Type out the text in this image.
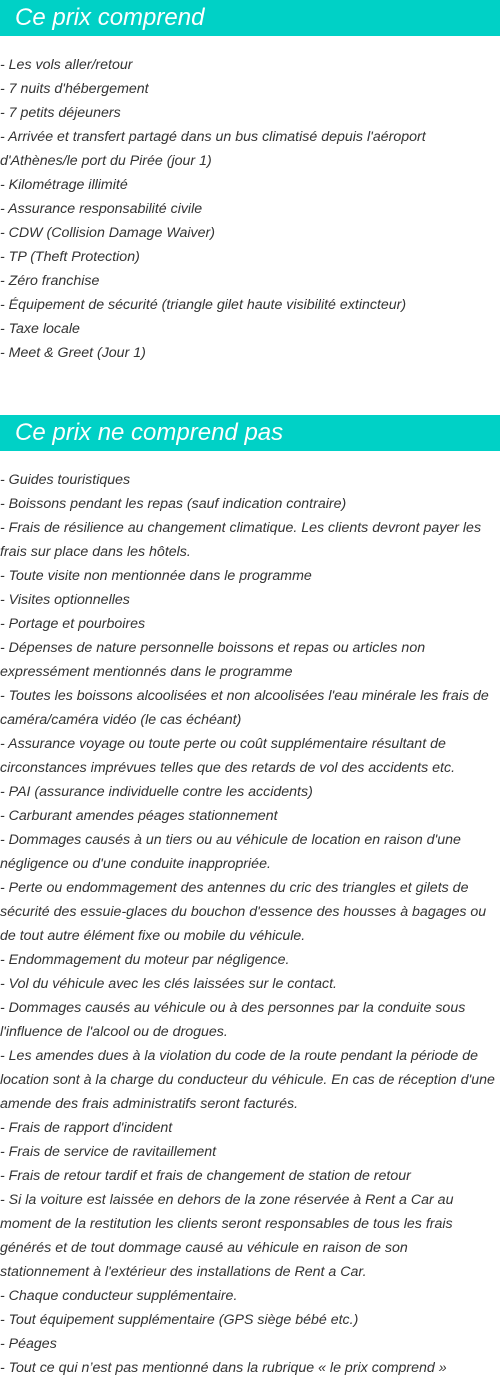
Ce prix comprend
- Les vols aller/retour
- 7 nuits d'hébergement
- 7 petits déjeuners
- Arrivée et transfert partagé dans un bus climatisé depuis l'aéroport d'Athènes/le port du Pirée (jour 1)
- Kilométrage illimité
- Assurance responsabilité civile
- CDW (Collision Damage Waiver)
- TP (Theft Protection)
- Zéro franchise
- Équipement de sécurité (triangle gilet haute visibilité extincteur)
- Taxe locale
- Meet & Greet (Jour 1)
Ce prix ne comprend pas
- Guides touristiques
- Boissons pendant les repas (sauf indication contraire)
- Frais de résilience au changement climatique. Les clients devront payer les frais sur place dans les hôtels.
- Toute visite non mentionnée dans le programme
- Visites optionnelles
- Portage et pourboires
- Dépenses de nature personnelle boissons et repas ou articles non expressément mentionnés dans le programme
- Toutes les boissons alcoolisées et non alcoolisées l'eau minérale les frais de caméra/caméra vidéo (le cas échéant)
- Assurance voyage ou toute perte ou coût supplémentaire résultant de circonstances imprévues telles que des retards de vol des accidents etc.
- PAI (assurance individuelle contre les accidents)
- Carburant amendes péages stationnement
- Dommages causés à un tiers ou au véhicule de location en raison d'une négligence ou d'une conduite inappropriée.
- Perte ou endommagement des antennes du cric des triangles et gilets de sécurité des essuie-glaces du bouchon d'essence des housses à bagages ou de tout autre élément fixe ou mobile du véhicule.
- Endommagement du moteur par négligence.
- Vol du véhicule avec les clés laissées sur le contact.
- Dommages causés au véhicule ou à des personnes par la conduite sous l'influence de l'alcool ou de drogues.
- Les amendes dues à la violation du code de la route pendant la période de location sont à la charge du conducteur du véhicule. En cas de réception d'une amende des frais administratifs seront facturés.
- Frais de rapport d'incident
- Frais de service de ravitaillement
- Frais de retour tardif et frais de changement de station de retour
- Si la voiture est laissée en dehors de la zone réservée à Rent a Car au moment de la restitution les clients seront responsables de tous les frais générés et de tout dommage causé au véhicule en raison de son stationnement à l'extérieur des installations de Rent a Car.
- Chaque conducteur supplémentaire.
- Tout équipement supplémentaire (GPS siège bébé etc.)
- Péages
- Tout ce qui n’est pas mentionné dans la rubrique « le prix comprend »
